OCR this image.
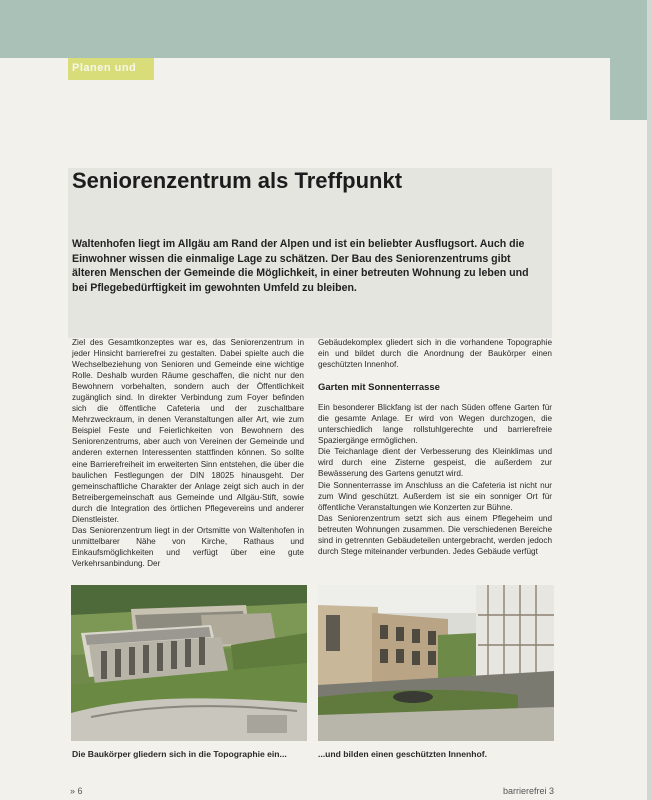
Planen und
Seniorenzentrum als Treffpunkt

Waltenhofen liegt im Allgäu am Rand der Alpen und ist ein beliebter Ausflugsort. Auch die Einwohner wissen die einmalige Lage zu schätzen. Der Bau des Seniorenzentrums gibt älteren Menschen der Gemeinde die Möglichkeit, in einer betreuten Wohnung zu leben und bei Pflegebedürftigkeit im gewohnten Umfeld zu bleiben.

Ziel des Gesamtkonzeptes war es, das Seniorenzentrum in jeder Hinsicht barrierefrei zu gestalten. Dabei spielte auch die Wechselbeziehung von Senioren und Gemeinde eine wichtige Rolle. Deshalb wurden Räume geschaffen, die nicht nur den Bewohnern vorbehalten, sondern auch der Öffentlichkeit zugänglich sind. In direkter Verbindung zum Foyer befinden sich die öffentliche Cafeteria und der zuschaltbare Mehrzweckraum, in denen Veranstaltungen aller Art, wie zum Beispiel Feste und Feierlichkeiten von Bewohnern des Seniorenzentrums, aber auch von Vereinen der Gemeinde und anderen externen Interessenten stattfinden können. So sollte eine Barrierefreiheit im erweiterten Sinn entstehen, die über die baulichen Festlegungen der DIN 18025 hinausgeht. Der gemeinschaftliche Charakter der Anlage zeigt sich auch in der Betreibergemeinschaft aus Gemeinde und Allgäu-Stift, sowie durch die Integration des örtlichen Pflegevereins und anderer Dienstleister.

Das Seniorenzentrum liegt in der Ortsmitte von Waltenhofen in unmittelbarer Nähe von Kirche, Rathaus und Einkaufsmöglichkeiten und verfügt über eine gute Verkehrsanbindung. Der

Gebäudekomplex gliedert sich in die vorhandene Topographie ein und bildet durch die Anordnung der Baukörper einen geschützten Innenhof.

Garten mit Sonnenterrasse

Ein besonderer Blickfang ist der nach Süden offene Garten für die gesamte Anlage. Er wird von Wegen durchzogen, die unterschiedlich lange rollstuhlgerechte und barrierefreie Spaziergänge ermöglichen.

Die Teichanlage dient der Verbesserung des Kleinklimas und wird durch eine Zisterne gespeist, die außerdem zur Bewässerung des Gartens genutzt wird.

Die Sonnenterrasse im Anschluss an die Cafeteria ist nicht nur zum Wind geschützt. Außerdem ist sie ein sonniger Ort für öffentliche Veranstaltungen wie Konzerten zur Bühne.

Das Seniorenzentrum setzt sich aus einem Pflegeheim und betreuten Wohnungen zusammen. Die verschiedenen Bereiche sind in getrennten Gebäudeteilen untergebracht, werden jedoch durch Stege miteinander verbunden. Jedes Gebäude verfügt

Die Baukörper gliedern sich in die Topographie ein...	...und bilden einen geschützten Innenhof.
» 6	barrierefrei 3
